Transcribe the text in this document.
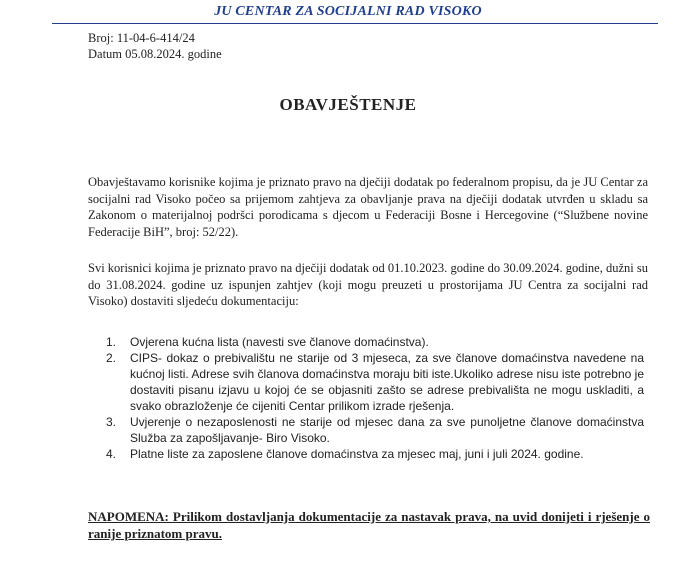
JU CENTAR ZA SOCIJALNI RAD VISOKO
Broj: 11-04-6-414/24
Datum 05.08.2024. godine
OBAVJEŠTENJE
Obavještavamo korisnike kojima je priznato pravo na dječiji dodatak po federalnom propisu, da je JU Centar za socijalni rad Visoko počeo sa prijemom zahtjeva za obavljanje prava na dječiji dodatak utvrđen u skladu sa Zakonom o materijalnoj podršci porodicama s djecom u Federaciji Bosne i Hercegovine (“Službene novine Federacije BiH”, broj: 52/22).
Svi korisnici kojima je priznato pravo na dječiji dodatak od 01.10.2023. godine do 30.09.2024. godine, dužni su do 31.08.2024. godine uz ispunjen zahtjev (koji mogu preuzeti u prostorijama JU Centra za socijalni rad Visoko) dostaviti sljedeću dokumentaciju:
1. Ovjerena kućna lista (navesti sve članove domaćinstva).
2. CIPS- dokaz o prebivalištu ne starije od 3 mjeseca, za sve članove domaćinstva navedene na kućnoj listi. Adrese svih članova domaćinstva moraju biti iste.Ukoliko adrese nisu iste potrebno je dostaviti pisanu izjavu u kojoj će se objasniti zašto se adrese prebivališta ne mogu uskladiti, a svako obrazloženje će cijeniti Centar prilikom izrade rješenja.
3. Uvjerenje o nezaposlenosti ne starije od mjesec dana za sve punoljetne članove domaćinstva Služba za zapošljavanje- Biro Visoko.
4. Platne liste za zaposlene članove domaćinstva za mjesec maj, juni i juli 2024. godine.
NAPOMENA: Prilikom dostavljanja dokumentacije za nastavak prava, na uvid donijeti i rješenje o ranije priznatom pravu.
